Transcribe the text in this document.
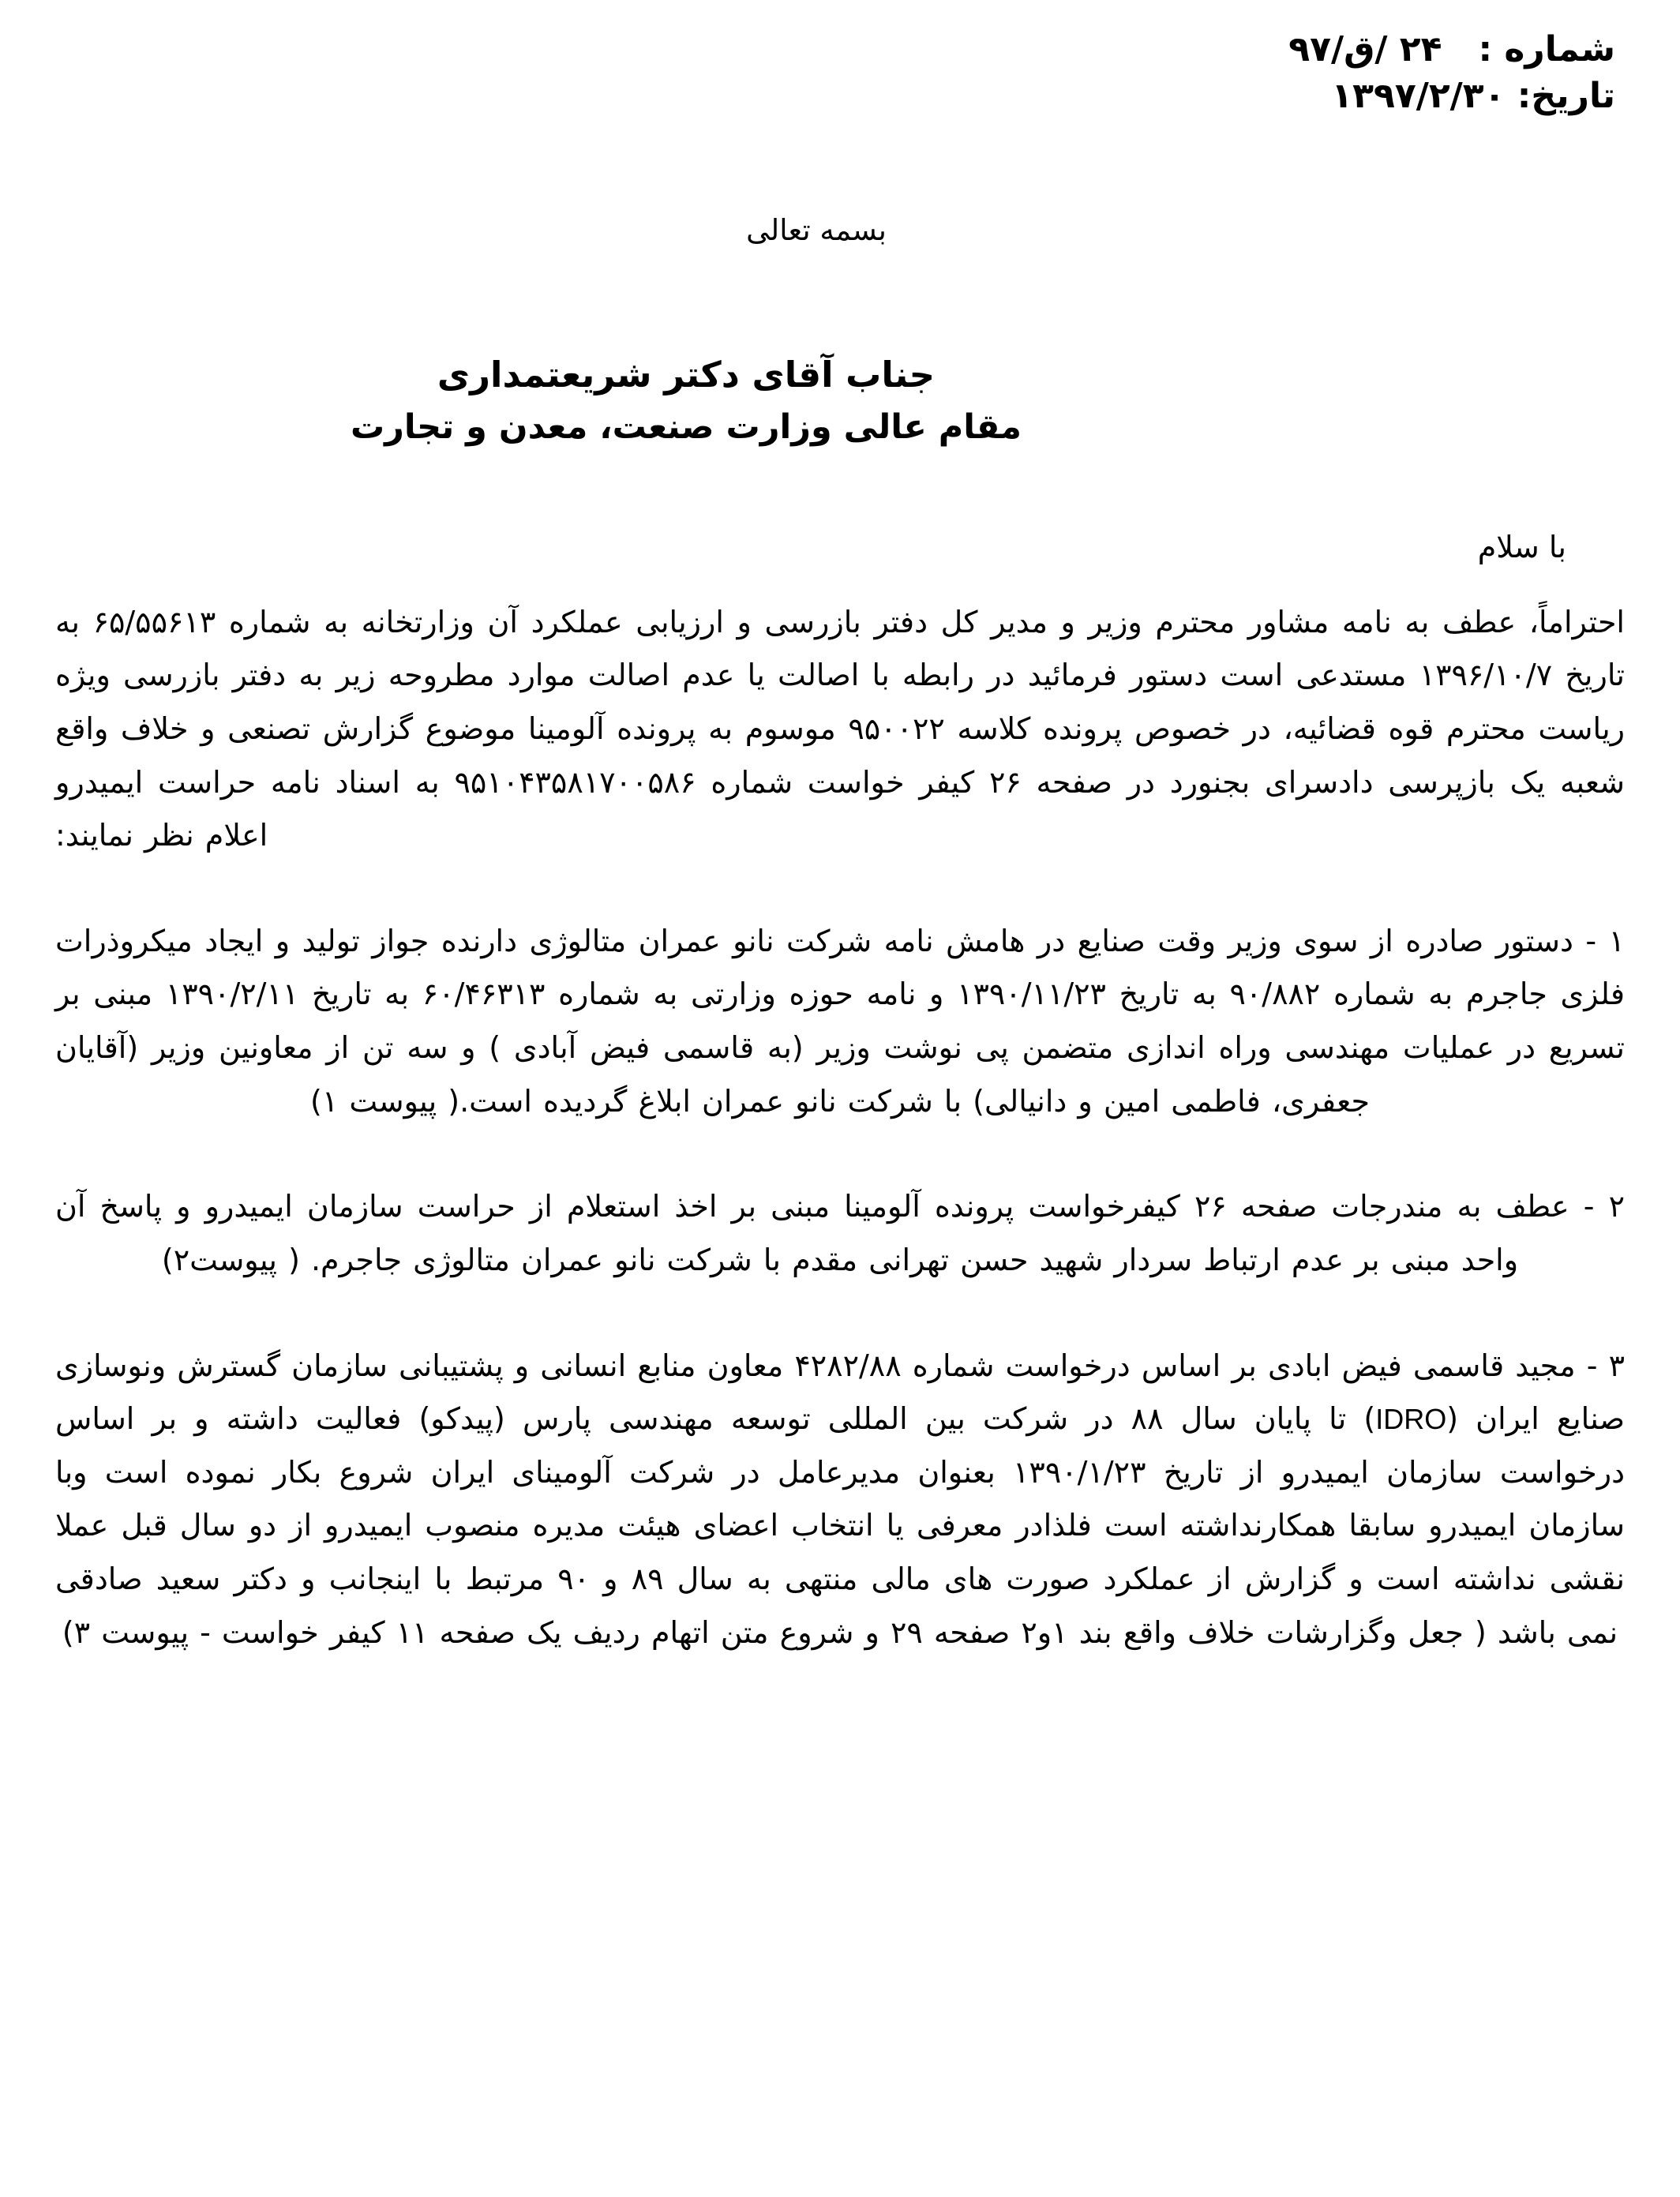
شماره :   ۲۴ /ق/۹۷
تاریخ: ۱۳۹۷/۲/۳۰
بسمه تعالی
جناب آقای دکتر شریعتمداری
مقام عالی وزارت صنعت، معدن و تجارت
با سلام

احتراماً، عطف به نامه مشاور محترم وزیر و مدیر کل دفتر بازرسی و ارزیابی عملکرد آن وزارتخانه به شماره ۶۵/۵۵۶۱۳ به تاریخ ۱۳۹۶/۱۰/۷ مستدعی است دستور فرمائید در رابطه با اصالت یا عدم اصالت موارد مطروحه زیر به دفتر بازرسی ویژه ریاست محترم قوه قضائیه، در خصوص پرونده کلاسه ۹۵۰۰۲۲ موسوم به پرونده آلومینا موضوع گزارش تصنعی و خلاف واقع شعبه یک بازپرسی دادسرای بجنورد در صفحه ۲۶ کیفر خواست شماره ۹۵۱۰۴۳۵۸۱۷۰۰۵۸۶ به اسناد نامه حراست ایمیدرو اعلام نظر نمایند:

۱ - دستور صادره از سوی وزیر وقت صنایع در هامش نامه شرکت نانو عمران متالوژی دارنده جواز تولید و ایجاد میکروذرات فلزی جاجرم به شماره ۹۰/۸۸۲ به تاریخ ۱۳۹۰/۱۱/۲۳ و نامه حوزه وزارتی به شماره ۶۰/۴۶۳۱۳ به تاریخ ۱۳۹۰/۲/۱۱ مبنی بر تسریع در عملیات مهندسی وراه اندازی متضمن پی نوشت وزیر (به قاسمی فیض آبادی ) و سه تن از معاونین وزیر (آقایان جعفری، فاطمی امین و دانیالی) با شرکت نانو عمران ابلاغ گردیده است.( پیوست ۱)

۲ - عطف به مندرجات صفحه ۲۶ کیفرخواست پرونده آلومینا مبنی بر اخذ استعلام از حراست سازمان ایمیدرو و پاسخ آن واحد مبنی بر عدم ارتباط سردار شهید حسن تهرانی مقدم با شرکت نانو عمران متالوژی جاجرم. ( پیوست۲)

۳ - مجید قاسمی فیض ابادی بر اساس درخواست شماره ۴۲۸۲/۸۸ معاون منابع انسانی و پشتیبانی سازمان گسترش ونوسازی صنایع ایران (IDRO) تا پایان سال ۸۸ در شرکت بین المللی توسعه مهندسی پارس (پیدکو) فعالیت داشته و بر اساس درخواست سازمان ایمیدرو از تاریخ ۱۳۹۰/۱/۲۳ بعنوان مدیرعامل در شرکت آلومینای ایران شروع بکار نموده است وبا سازمان ایمیدرو سابقا همکارنداشته است فلذادر معرفی یا انتخاب اعضای هیئت مدیره منصوب ایمیدرو از دو سال قبل عملا نقشی نداشته است و گزارش از عملکرد صورت های مالی منتهی به سال ۸۹ و ۹۰ مرتبط با اینجانب و دکتر سعید صادقی نمی باشد ( جعل وگزارشات خلاف واقع بند ۱و۲ صفحه ۲۹ و شروع متن اتهام ردیف یک صفحه ۱۱ کیفر خواست - پیوست ۳)
